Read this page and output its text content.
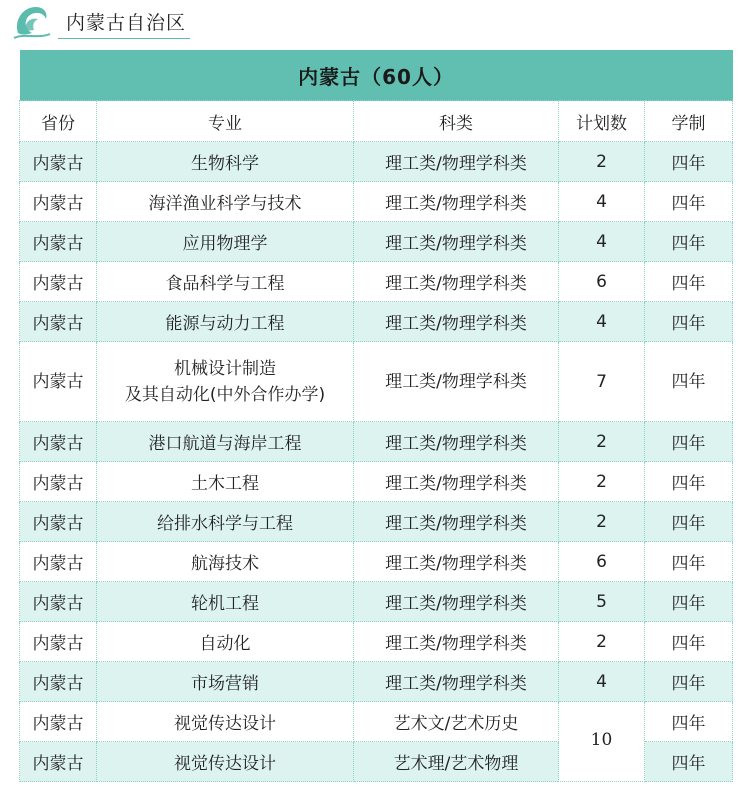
内蒙古自治区
内蒙古（60人）				
省份	专业	科类	计划数	学制
内蒙古	生物科学	理工类/物理学科类	2	四年
内蒙古	海洋渔业科学与技术	理工类/物理学科类	4	四年
内蒙古	应用物理学	理工类/物理学科类	4	四年
内蒙古	食品科学与工程	理工类/物理学科类	6	四年
内蒙古	能源与动力工程	理工类/物理学科类	4	四年
内蒙古	机械设计制造
及其自动化(中外合作办学)	理工类/物理学科类	7	四年
内蒙古	港口航道与海岸工程	理工类/物理学科类	2	四年
内蒙古	土木工程	理工类/物理学科类	2	四年
内蒙古	给排水科学与工程	理工类/物理学科类	2	四年
内蒙古	航海技术	理工类/物理学科类	6	四年
内蒙古	轮机工程	理工类/物理学科类	5	四年
内蒙古	自动化	理工类/物理学科类	2	四年
内蒙古	市场营销	理工类/物理学科类	4	四年
内蒙古	视觉传达设计	艺术文/艺术历史	10	四年
内蒙古	视觉传达设计	艺术理/艺术物理		四年
